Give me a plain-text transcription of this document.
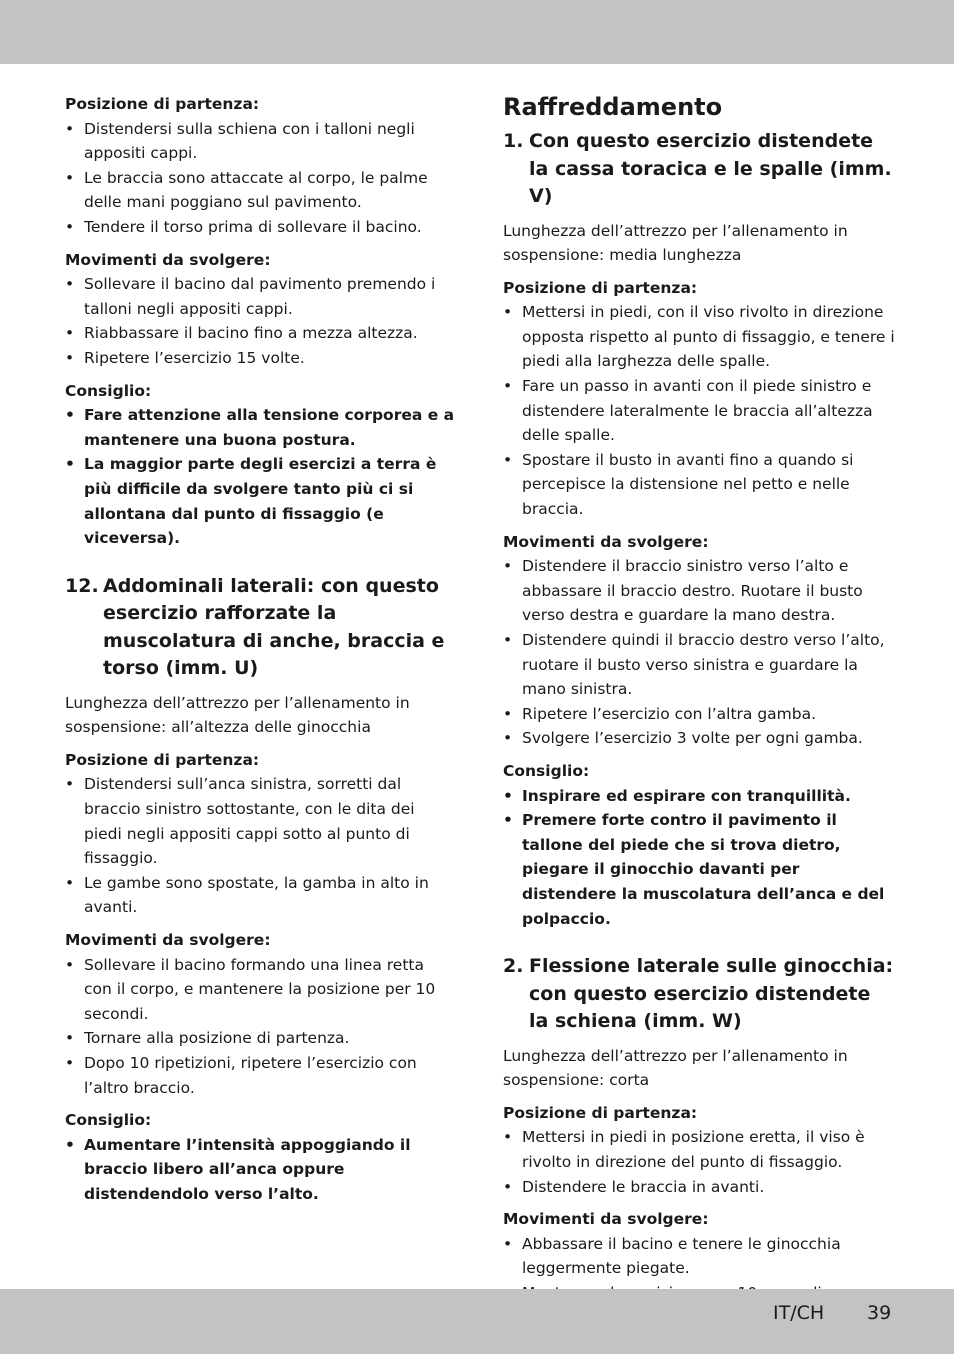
Posizione di partenza:

• Distendersi sulla schiena con i talloni negli appositi cappi.
• Le braccia sono attaccate al corpo, le palme delle mani poggiano sul pavimento.
• Tendere il torso prima di sollevare il bacino.

Movimenti da svolgere:

• Sollevare il bacino dal pavimento premendo i talloni negli appositi cappi.
• Riabbassare il bacino fino a mezza altezza.
• Ripetere l’esercizio 15 volte.

Consiglio:

• Fare attenzione alla tensione corporea e a mantenere una buona postura.
• La maggior parte degli esercizi a terra è più difficile da svolgere tanto più ci si allontana dal punto di fissaggio (e viceversa).
12. Addominali laterali: con questo esercizio rafforzate la muscolatura di anche, braccia e torso (imm. U)

Lunghezza dell’attrezzo per l’allenamento in sospensione: all’altezza delle ginocchia

Posizione di partenza:

• Distendersi sull’anca sinistra, sorretti dal braccio sinistro sottostante, con le dita dei piedi negli appositi cappi sotto al punto di fissaggio.
• Le gambe sono spostate, la gamba in alto in avanti.

Movimenti da svolgere:

• Sollevare il bacino formando una linea retta con il corpo, e mantenere la posizione per 10 secondi.
• Tornare alla posizione di partenza.
• Dopo 10 ripetizioni, ripetere l’esercizio con l’altro braccio.

Consiglio:

• Aumentare l’intensità appoggiando il braccio libero all’anca oppure distendendolo verso l’alto.
Raffreddamento
1. Con questo esercizio distendete la cassa toracica e le spalle (imm. V)

Lunghezza dell’attrezzo per l’allenamento in sospensione: media lunghezza

Posizione di partenza:

• Mettersi in piedi, con il viso rivolto in direzione opposta rispetto al punto di fissaggio, e tenere i piedi alla larghezza delle spalle.
• Fare un passo in avanti con il piede sinistro e distendere lateralmente le braccia all’altezza delle spalle.
• Spostare il busto in avanti fino a quando si percepisce la distensione nel petto e nelle braccia.

Movimenti da svolgere:

• Distendere il braccio sinistro verso l’alto e abbassare il braccio destro. Ruotare il busto verso destra e guardare la mano destra.
• Distendere quindi il braccio destro verso l’alto, ruotare il busto verso sinistra e guardare la mano sinistra.
• Ripetere l’esercizio con l’altra gamba.
• Svolgere l’esercizio 3 volte per ogni gamba.

Consiglio:

• Inspirare ed espirare con tranquillità.
• Premere forte contro il pavimento il tallone del piede che si trova dietro, piegare il ginocchio davanti per distendere la muscolatura dell’anca e del polpaccio.
2. Flessione laterale sulle ginocchia: con questo esercizio distendete la schiena (imm. W)

Lunghezza dell’attrezzo per l’allenamento in sospensione: corta

Posizione di partenza:

• Mettersi in piedi in posizione eretta, il viso è rivolto in direzione del punto di fissaggio.
• Distendere le braccia in avanti.

Movimenti da svolgere:

• Abbassare il bacino e tenere le ginocchia leggermente piegate.
IT/CH 39
